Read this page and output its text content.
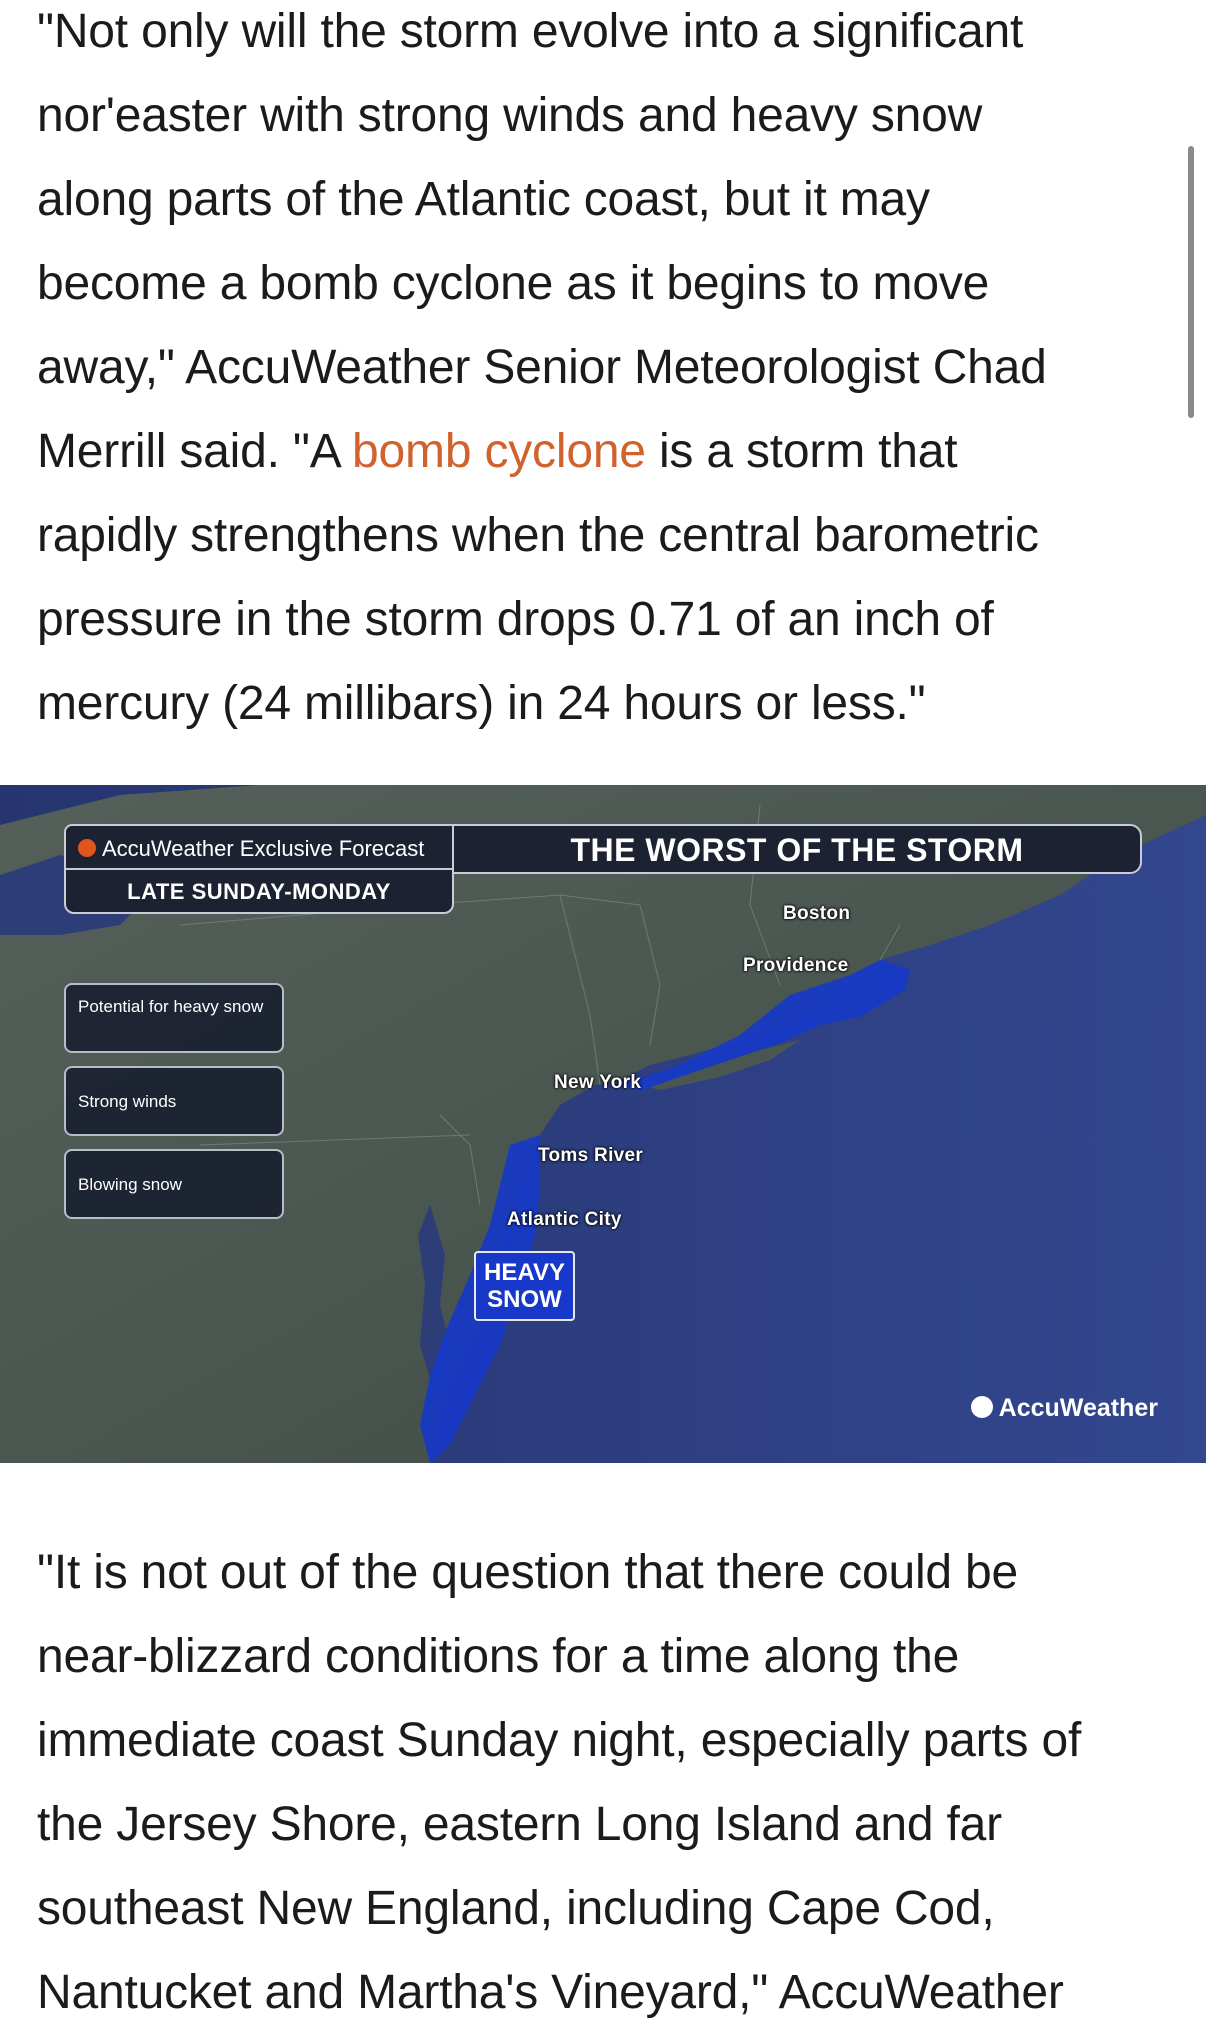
"Not only will the storm evolve into a significant
nor'easter with strong winds and heavy snow
along parts of the Atlantic coast, but it may
become a bomb cyclone as it begins to move
away," AccuWeather Senior Meteorologist Chad
Merrill said. "A bomb cyclone is a storm that
rapidly strengthens when the central barometric
pressure in the storm drops 0.71 of an inch of
mercury (24 millibars) in 24 hours or less."
AccuWeather Exclusive Forecast	THE WORST OF THE STORM
LATE SUNDAY-MONDAY
Potential for heavy snow
Strong winds
Blowing snow
Boston
Providence
New York
Toms River
Atlantic City
HEAVY
SNOW
AccuWeather
"It is not out of the question that there could be
near-blizzard conditions for a time along the
immediate coast Sunday night, especially parts of
the Jersey Shore, eastern Long Island and far
southeast New England, including Cape Cod,
Nantucket and Martha's Vineyard," AccuWeather
